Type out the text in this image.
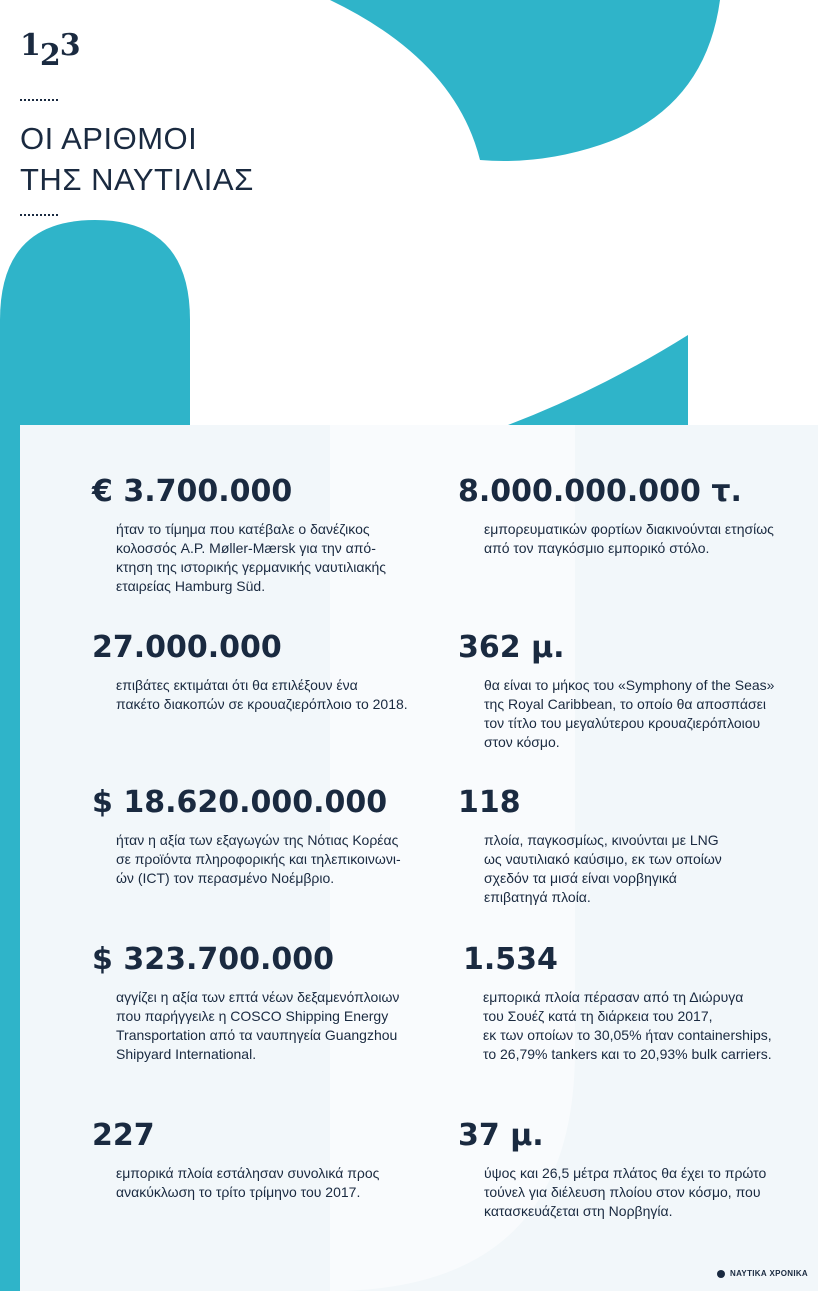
123
ΟΙ ΑΡΙΘΜΟΙ
ΤΗΣ ΝΑΥΤΙΛΙΑΣ
€ 3.700.000
ήταν το τίμημα που κατέβαλε ο δανέζικος
κολοσσός A.P. Møller-Mærsk για την από-
κτηση της ιστορικής γερμανικής ναυτιλιακής
εταιρείας Hamburg Süd.
27.000.000
επιβάτες εκτιμάται ότι θα επιλέξουν ένα
πακέτο διακοπών σε κρουαζιερόπλοιο το 2018.
$ 18.620.000.000
ήταν η αξία των εξαγωγών της Νότιας Κορέας
σε προϊόντα πληροφορικής και τηλεπικοινωνι-
ών (ICT) τον περασμένο Νοέμβριο.
$ 323.700.000
αγγίζει η αξία των επτά νέων δεξαμενόπλοιων
που παρήγγειλε η COSCO Shipping Energy
Transportation από τα ναυπηγεία Guangzhou
Shipyard International.
227
εμπορικά πλοία εστάλησαν συνολικά προς
ανακύκλωση το τρίτο τρίμηνο του 2017.
8.000.000.000 τ.
εμπορευματικών φορτίων διακινούνται ετησίως
από τον παγκόσμιο εμπορικό στόλο.
362 μ.
θα είναι το μήκος του «Symphony of the Seas»
της Royal Caribbean, το οποίο θα αποσπάσει
τον τίτλο του μεγαλύτερου κρουαζιερόπλοιου
στον κόσμο.
118
πλοία, παγκοσμίως, κινούνται με LNG
ως ναυτιλιακό καύσιμο, εκ των οποίων
σχεδόν τα μισά είναι νορβηγικά
επιβατηγά πλοία.
1.534
εμπορικά πλοία πέρασαν από τη Διώρυγα
του Σουέζ κατά τη διάρκεια του 2017,
εκ των οποίων το 30,05% ήταν containerships,
το 26,79% tankers και το 20,93% bulk carriers.
37 μ.
ύψος και 26,5 μέτρα πλάτος θα έχει το πρώτο
τούνελ για διέλευση πλοίου στον κόσμο, που
κατασκευάζεται στη Νορβηγία.
ΝΑΥΤΙΚΑ ΧΡΟΝΙΚΑ
